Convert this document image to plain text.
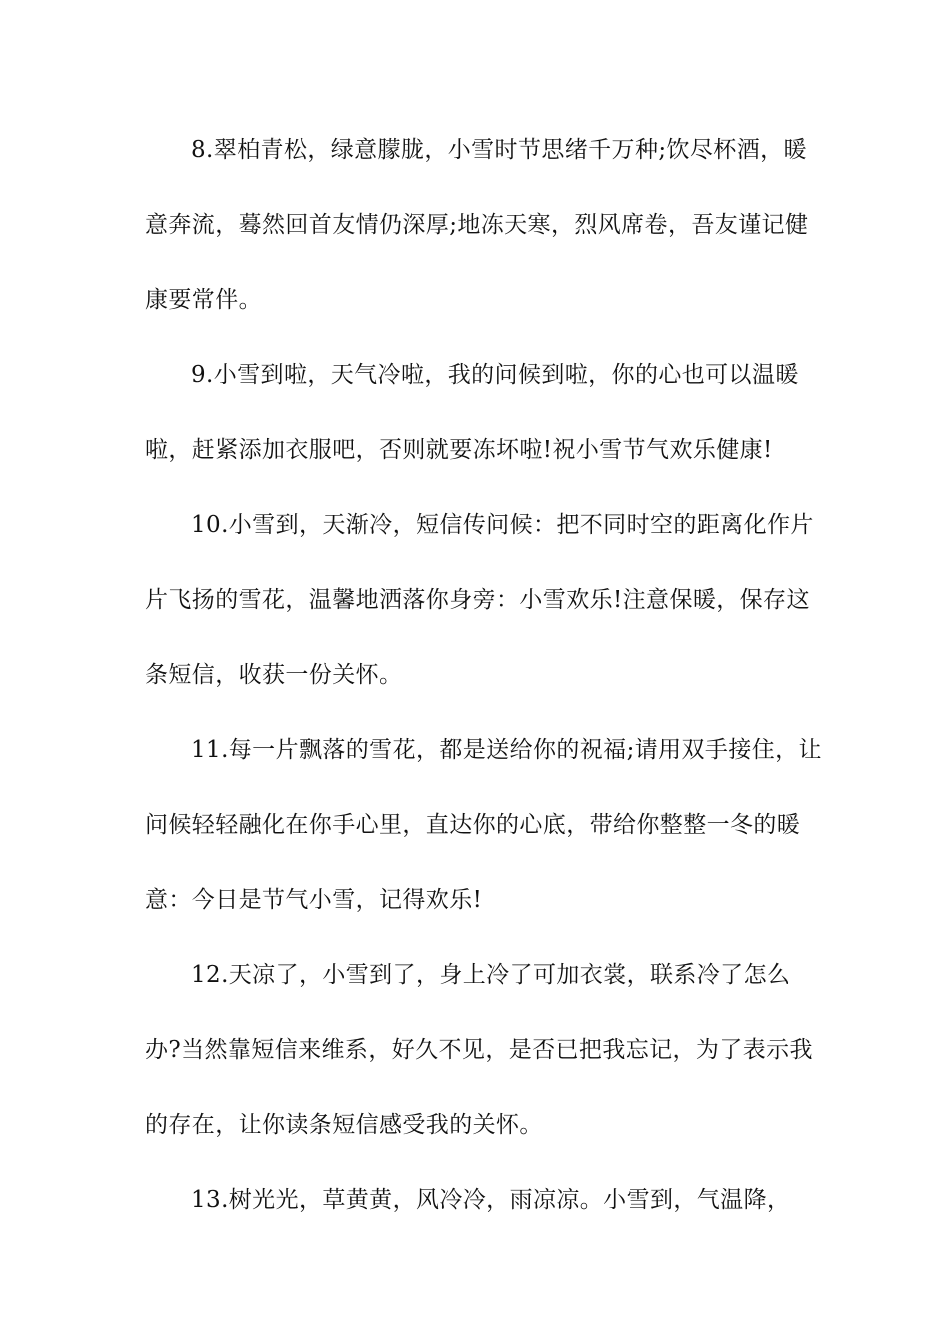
8.翠柏青松，绿意朦胧，小雪时节思绪千万种;饮尽杯酒，暖意奔流，蓦然回首友情仍深厚;地冻天寒，烈风席卷，吾友谨记健康要常伴。

9.小雪到啦，天气冷啦，我的问候到啦，你的心也可以温暖啦，赶紧添加衣服吧，否则就要冻坏啦!祝小雪节气欢乐健康!

10.小雪到，天渐冷，短信传问候：把不同时空的距离化作片片飞扬的雪花，温馨地洒落你身旁：小雪欢乐!注意保暖，保存这条短信，收获一份关怀。

11.每一片飘落的雪花，都是送给你的祝福;请用双手接住，让问候轻轻融化在你手心里，直达你的心底，带给你整整一冬的暖意：今日是节气小雪，记得欢乐!

12.天凉了，小雪到了，身上冷了可加衣裳，联系冷了怎么办?当然靠短信来维系，好久不见，是否已把我忘记，为了表示我的存在，让你读条短信感受我的关怀。

13.树光光，草黄黄，风冷冷，雨凉凉。小雪到，气温降，
